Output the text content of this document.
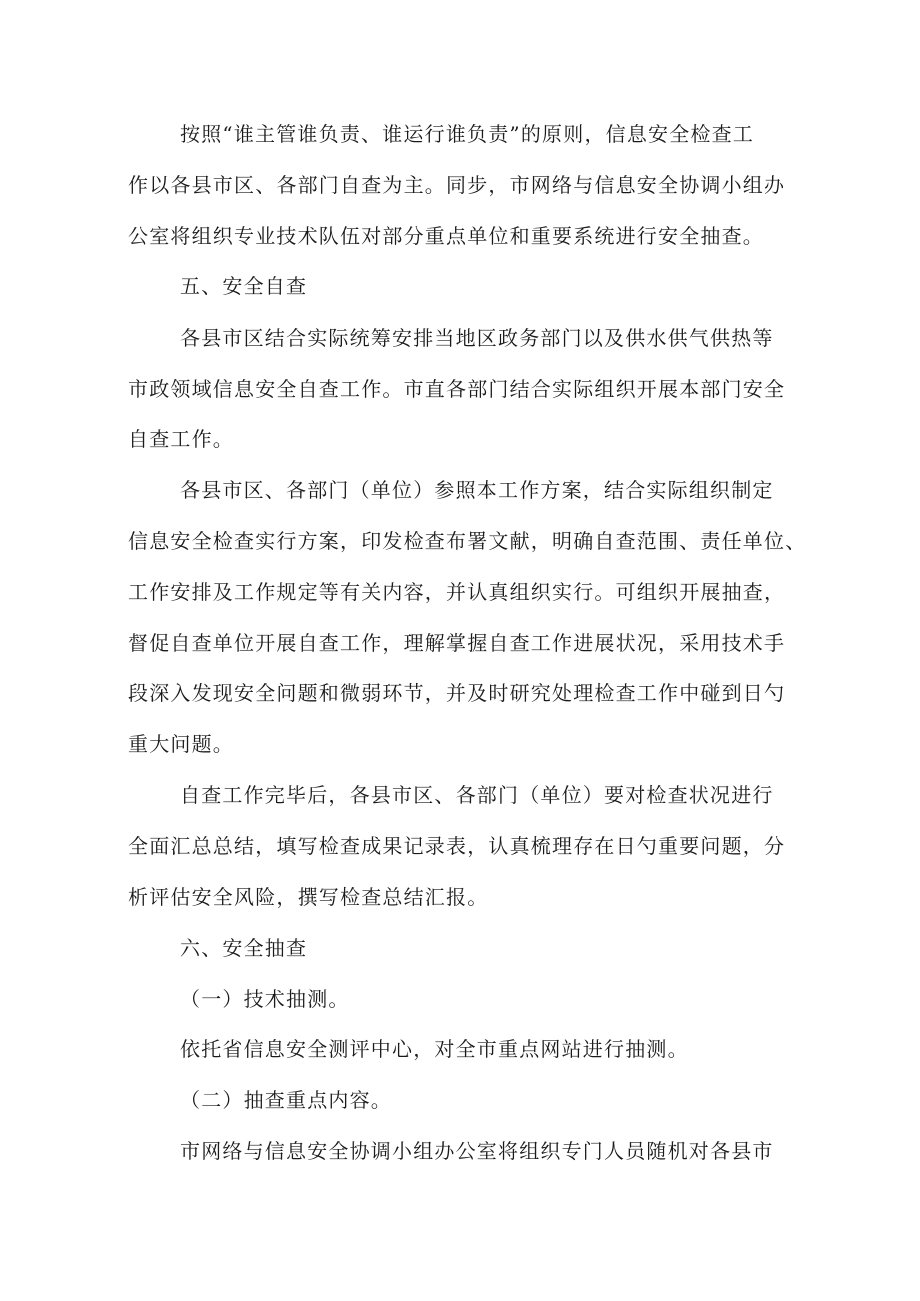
按照“谁主管谁负责、谁运行谁负责”的原则，信息安全检查工
作以各县市区、各部门自查为主。同步，市网络与信息安全协调小组办
公室将组织专业技术队伍对部分重点单位和重要系统进行安全抽查。
五、安全自查
各县市区结合实际统筹安排当地区政务部门以及供水供气供热等
市政领域信息安全自查工作。市直各部门结合实际组织开展本部门安全
自查工作。
各县市区、各部门（单位）参照本工作方案，结合实际组织制定
信息安全检查实行方案，印发检查布署文献，明确自查范围、责任单位、
工作安排及工作规定等有关内容，并认真组织实行。可组织开展抽查，
督促自查单位开展自查工作，理解掌握自查工作进展状况，采用技术手
段深入发现安全问题和微弱环节，并及时研究处理检查工作中碰到日勺
重大问题。
自查工作完毕后，各县市区、各部门（单位）要对检查状况进行
全面汇总总结，填写检查成果记录表，认真梳理存在日勺重要问题，分
析评估安全风险，撰写检查总结汇报。
六、安全抽查
（一）技术抽测。
依托省信息安全测评中心，对全市重点网站进行抽测。
（二）抽查重点内容。
市网络与信息安全协调小组办公室将组织专门人员随机对各县市
